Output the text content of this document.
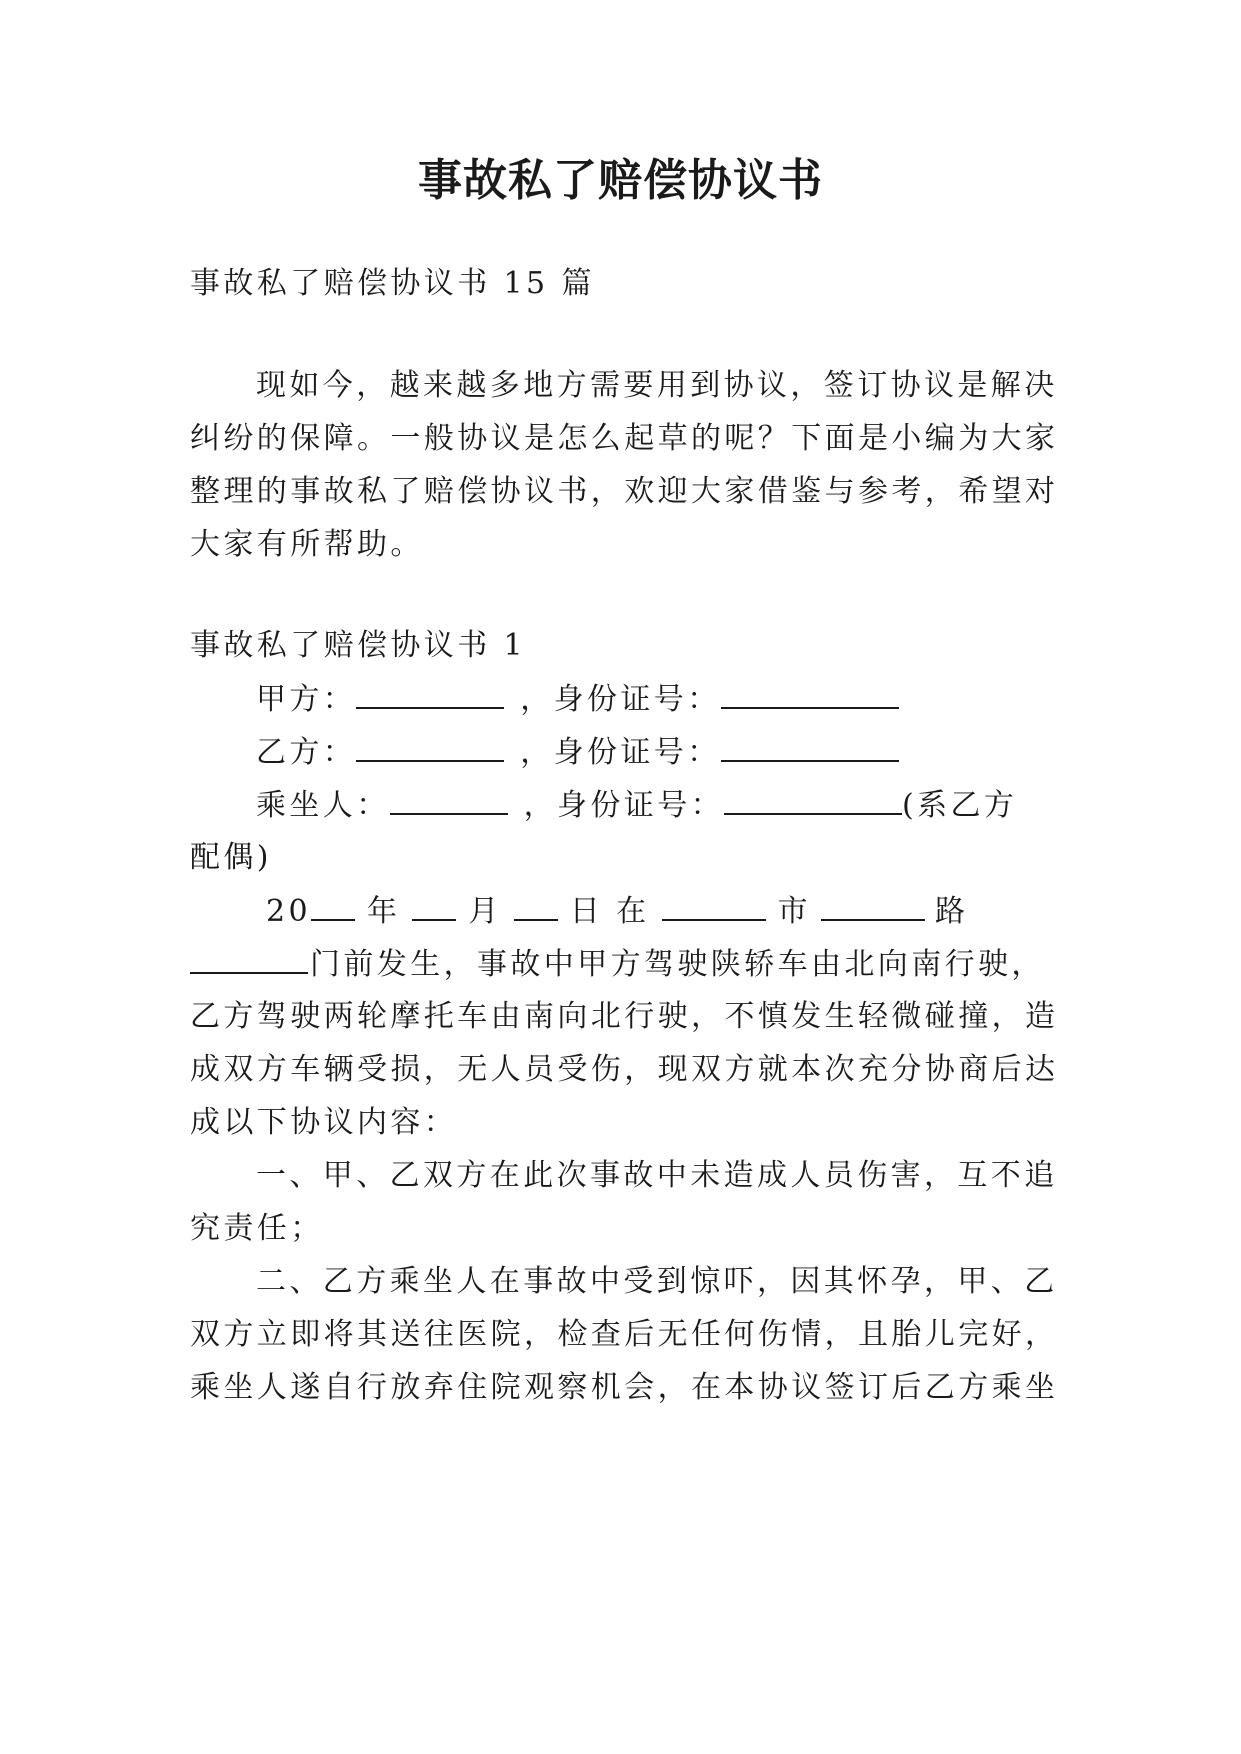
事故私了赔偿协议书

事故私了赔偿协议书 15 篇

现如今，越来越多地方需要用到协议，签订协议是解决

纠纷的保障。一般协议是怎么起草的呢？下面是小编为大家

整理的事故私了赔偿协议书，欢迎大家借鉴与参考，希望对

大家有所帮助。

事故私了赔偿协议书 1

甲方：	，身份证号：

乙方：	，身份证号：

乘坐人：	，身份证号：	(系乙方

配偶)

20 年 月 日 在	市	路

门前发生，事故中甲方驾驶陕轿车由北向南行驶，

乙方驾驶两轮摩托车由南向北行驶，不慎发生轻微碰撞，造

成双方车辆受损，无人员受伤，现双方就本次充分协商后达

成以下协议内容：

一、甲、乙双方在此次事故中未造成人员伤害，互不追

究责任；

二、乙方乘坐人在事故中受到惊吓，因其怀孕，甲、乙

双方立即将其送往医院，检查后无任何伤情，且胎儿完好，

乘坐人遂自行放弃住院观察机会，在本协议签订后乙方乘坐
